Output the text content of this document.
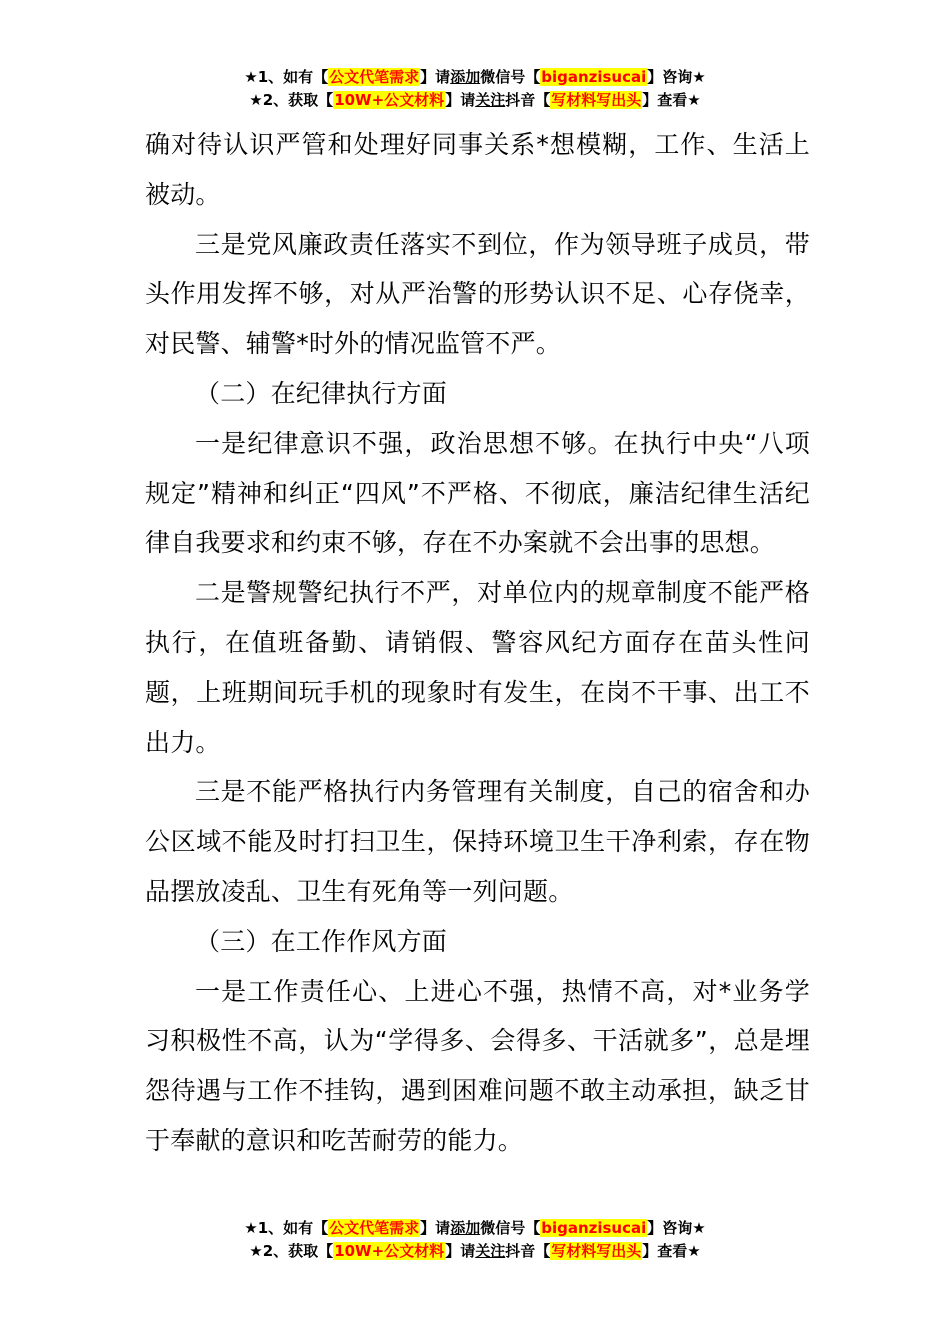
★1、如有【公文代笔需求】请添加微信号【biganzisucai】咨询★
★2、获取【10W+公文材料】请关注抖音【写材料写出头】查看★

确对待认识严管和处理好同事关系*想模糊，工作、生活上被动。

三是党风廉政责任落实不到位，作为领导班子成员，带头作用发挥不够，对从严治警的形势认识不足、心存侥幸，对民警、辅警*时外的情况监管不严。

（二）在纪律执行方面

一是纪律意识不强，政治思想不够。在执行中央“八项规定”精神和纠正“四风”不严格、不彻底，廉洁纪律生活纪律自我要求和约束不够，存在不办案就不会出事的思想。

二是警规警纪执行不严，对单位内的规章制度不能严格执行，在值班备勤、请销假、警容风纪方面存在苗头性问题，上班期间玩手机的现象时有发生，在岗不干事、出工不出力。

三是不能严格执行内务管理有关制度，自己的宿舍和办公区域不能及时打扫卫生，保持环境卫生干净利索，存在物品摆放凌乱、卫生有死角等一列问题。

（三）在工作作风方面

一是工作责任心、上进心不强，热情不高，对*业务学习积极性不高，认为“学得多、会得多、干活就多”，总是埋怨待遇与工作不挂钩，遇到困难问题不敢主动承担，缺乏甘于奉献的意识和吃苦耐劳的能力。

★1、如有【公文代笔需求】请添加微信号【biganzisucai】咨询★
★2、获取【10W+公文材料】请关注抖音【写材料写出头】查看★
